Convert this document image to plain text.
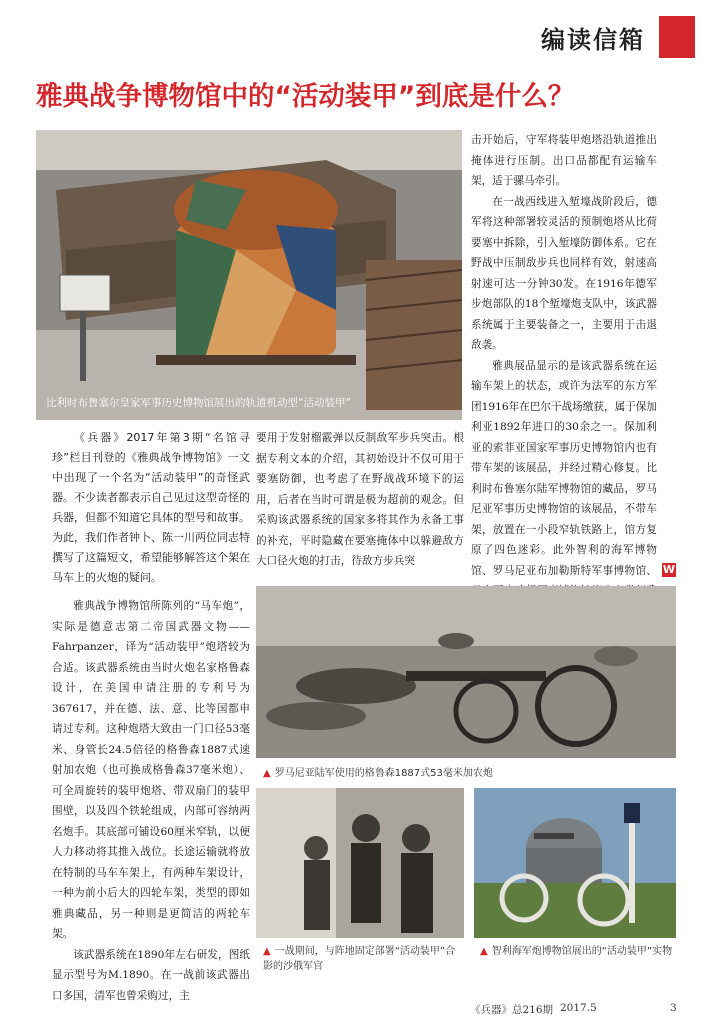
编读信箱
雅典战争博物馆中的“活动装甲”到底是什么？
比利时布鲁塞尔皇家军事历史博物馆展出的轨道机动型“活动装甲”

击开始后，守军将装甲炮塔沿轨道推出掩体进行压制。出口品都配有运输车架，适于骡马牵引。

在一战西线进入堑壕战阶段后，德军将这种部署较灵活的预制炮塔从比荷要塞中拆除，引入堑壕防御体系。它在野战中压制敌步兵也同样有效，射速高射速可达一分钟30发。在1916年德军步炮部队的18个堑壕炮支队中，该武器系统属于主要装备之一，主要用于击退敌袭。

雅典展品显示的是该武器系统在运输车架上的状态，或许为法军的东方军团1916年在巴尔干战场缴获，属于保加利亚1892年进口的30余之一。保加利亚的索菲亚国家军事历史博物馆内也有带车架的该展品，并经过精心修复。比利时布鲁塞尔陆军博物馆的藏品，罗马尼亚军事历史博物馆的该展品，不带车架，放置在一小段窄轨铁路上，馆方复原了四色迷彩。此外智利的海军博物馆、罗马尼亚布加勒斯特军事博物馆、 W

《兵器》2017年第3期“名馆寻珍”栏目刊登的《雅典战争博物馆》一文中出现了一个名为“活动装甲”的奇怪武器。不少读者都表示自己见过这型奇怪的兵器，但都不知道它具体的型号和故事。为此，我们作者钟卜、陈一川两位同志特撰写了这篇短文，希望能够解答这个架在马车上的火炮的疑问。

要用于发射榴霰弹以反制敌军步兵突击。根据专利文本的介绍，其初始设计不仅可用于要塞防御，也考虑了在野战战环境下的运用，后者在当时可谓是极为超前的观念。但采购该武器系统的国家多将其作为永备工事的补充，平时隐藏在要塞掩体中以躲避敌方大口径火炮的打击，待敌方步兵突

▲ 罗马尼亚陆军使用的格鲁森1887式53毫米加农炮
▲ 一战期间，与阵地固定部署“活动装甲”合影的沙俄军官
▲ 智利海军炮博物馆展出的“活动装甲”实物

雅典战争博物馆所陈列的“马车炮”，实际是德意志第二帝国武器文物——Fahrpanzer，译为“活动装甲”炮塔较为合适。该武器系统由当时火炮名家格鲁森设计，在美国申请注册的专利号为367617，并在德、法、意、比等国都申请过专利。这种炮塔大致由一门口径53毫米、身管长24.5倍径的格鲁森1887式速射加农炮（也可换成格鲁森37毫米炮）、可全周旋转的装甲炮塔、带双扇门的装甲围壁，以及四个铁轮组成，内部可容纳两名炮手。其底部可铺设60厘米窄轨，以便人力移动将其推入战位。长途运输就将放在特制的马车车架上，有两种车架设计，一种为前小后大的四轮车架，类型的即如雅典藏品，另一种则是更简洁的两轮车架。

该武器系统在1890年左右研发，图纸显示型号为M.1890。在一战前该武器出口多国，清军也曾采购过，主

《兵器》总216期 2017.5	3
